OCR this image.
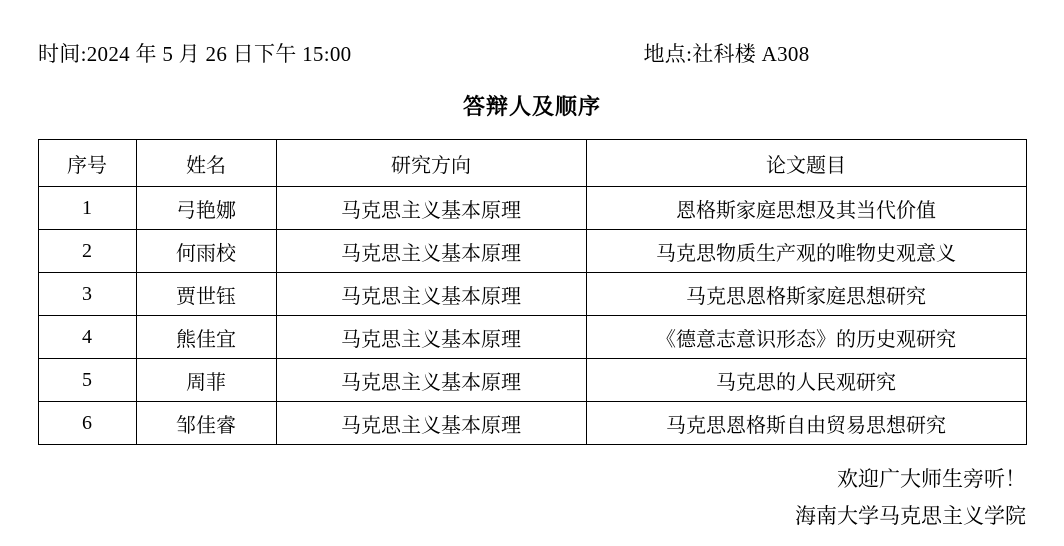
时间:2024 年 5 月 26 日下午 15:00	地点:社科楼 A308
答辩人及顺序
序号	姓名	研究方向	论文题目
1	弓艳娜	马克思主义基本原理	恩格斯家庭思想及其当代价值
2	何雨校	马克思主义基本原理	马克思物质生产观的唯物史观意义
3	贾世钰	马克思主义基本原理	马克思恩格斯家庭思想研究
4	熊佳宜	马克思主义基本原理	《德意志意识形态》的历史观研究
5	周菲	马克思主义基本原理	马克思的人民观研究
6	邹佳睿	马克思主义基本原理	马克思恩格斯自由贸易思想研究
欢迎广大师生旁听！
海南大学马克思主义学院
